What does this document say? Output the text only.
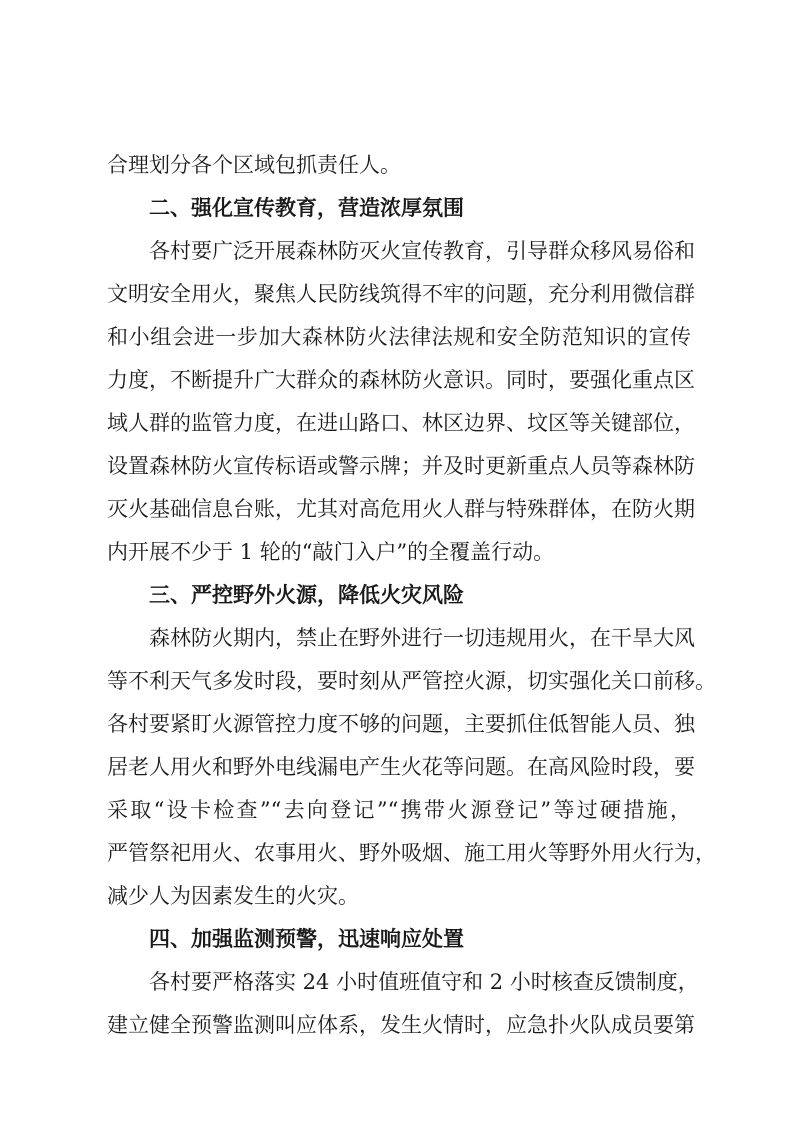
合理划分各个区域包抓责任人。
二、强化宣传教育，营造浓厚氛围
各村要广泛开展森林防灭火宣传教育，引导群众移风易俗和
文明安全用火，聚焦人民防线筑得不牢的问题，充分利用微信群
和小组会进一步加大森林防火法律法规和安全防范知识的宣传
力度，不断提升广大群众的森林防火意识。同时，要强化重点区
域人群的监管力度，在进山路口、林区边界、坟区等关键部位，
设置森林防火宣传标语或警示牌；并及时更新重点人员等森林防
灭火基础信息台账，尤其对高危用火人群与特殊群体，在防火期
内开展不少于 1 轮的“敲门入户”的全覆盖行动。
三、严控野外火源，降低火灾风险
森林防火期内，禁止在野外进行一切违规用火，在干旱大风
等不利天气多发时段，要时刻从严管控火源，切实强化关口前移。
各村要紧盯火源管控力度不够的问题，主要抓住低智能人员、独
居老人用火和野外电线漏电产生火花等问题。在高风险时段，要
采取“设卡检查”“去向登记”“携带火源登记”等过硬措施，
严管祭祀用火、农事用火、野外吸烟、施工用火等野外用火行为，
减少人为因素发生的火灾。
四、加强监测预警，迅速响应处置
各村要严格落实 24 小时值班值守和 2 小时核查反馈制度，
建立健全预警监测叫应体系，发生火情时，应急扑火队成员要第
